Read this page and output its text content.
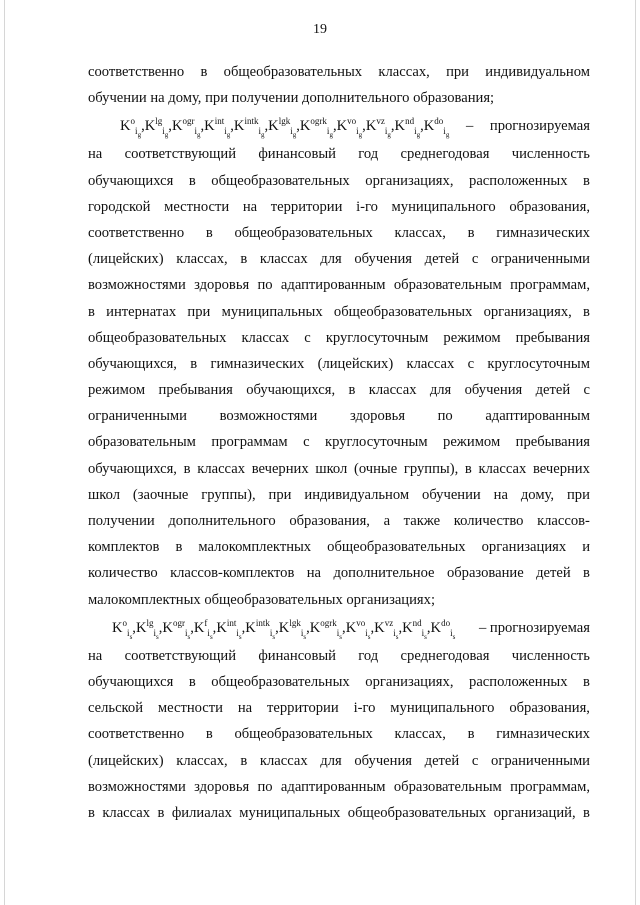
19
соответственно в общеобразовательных классах, при индивидуальном
обучении на дому, при получении дополнительного образования;
$K^o_{i_g}$
, $K^{lg}_{i_g}$
, $K^{ogr}_{i_g}$
, $K^{int}_{i_g}$
, $K^{intk}_{i_g}$
, $K^{lgk}_{i_g}$
, $K^{ogrk}_{i_g}$
, $K^{vo}_{i_g}$
, $K^{vz}_{i_g}$
, $K^{nd}_{i_g}$
, $K^{do}_{i_g}$
– прогнозируемая
на соответствующий финансовый год среднегодовая численность
обучающихся в общеобразовательных организациях, расположенных в
городской местности на территории i-го муниципального образования,
соответственно в общеобразовательных классах, в гимназических
(лицейских) классах, в классах для обучения детей с ограниченными
возможностями здоровья по адаптированным образовательным программам,
в интернатах при муниципальных общеобразовательных организациях, в
общеобразовательных классах с круглосуточным режимом пребывания
обучающихся, в гимназических (лицейских) классах с круглосуточным
режимом пребывания обучающихся, в классах для обучения детей с
ограниченными возможностями здоровья по адаптированным
образовательным программам с круглосуточным режимом пребывания
обучающихся, в классах вечерних школ (очные группы), в классах вечерних
школ (заочные группы), при индивидуальном обучении на дому, при
получении дополнительного образования, а также количество классов-
комплектов в малокомплектных общеобразовательных организациях и
количество классов-комплектов на дополнительное образование детей в
малокомплектных общеобразовательных организациях;
$K^o_{i_s}$
, $K^{lg}_{i_s}$
, $K^{ogr}_{i_s}$
, $K^f_{i_s}$
, $K^{int}_{i_s}$
, $K^{intk}_{i_s}$
, $K^{lgk}_{i_s}$
, $K^{ogrk}_{i_s}$
, $K^{vo}_{i_s}$
, $K^{vz}_{i_s}$
, $K^{nd}_{i_s}$
, $K^{do}_{i_s}$
– прогнозируемая
на соответствующий финансовый год среднегодовая численность
обучающихся в общеобразовательных организациях, расположенных в
сельской местности на территории i-го муниципального образования,
соответственно в общеобразовательных классах, в гимназических
(лицейских) классах, в классах для обучения детей с ограниченными
возможностями здоровья по адаптированным образовательным программам,
в классах в филиалах муниципальных общеобразовательных организаций, в
